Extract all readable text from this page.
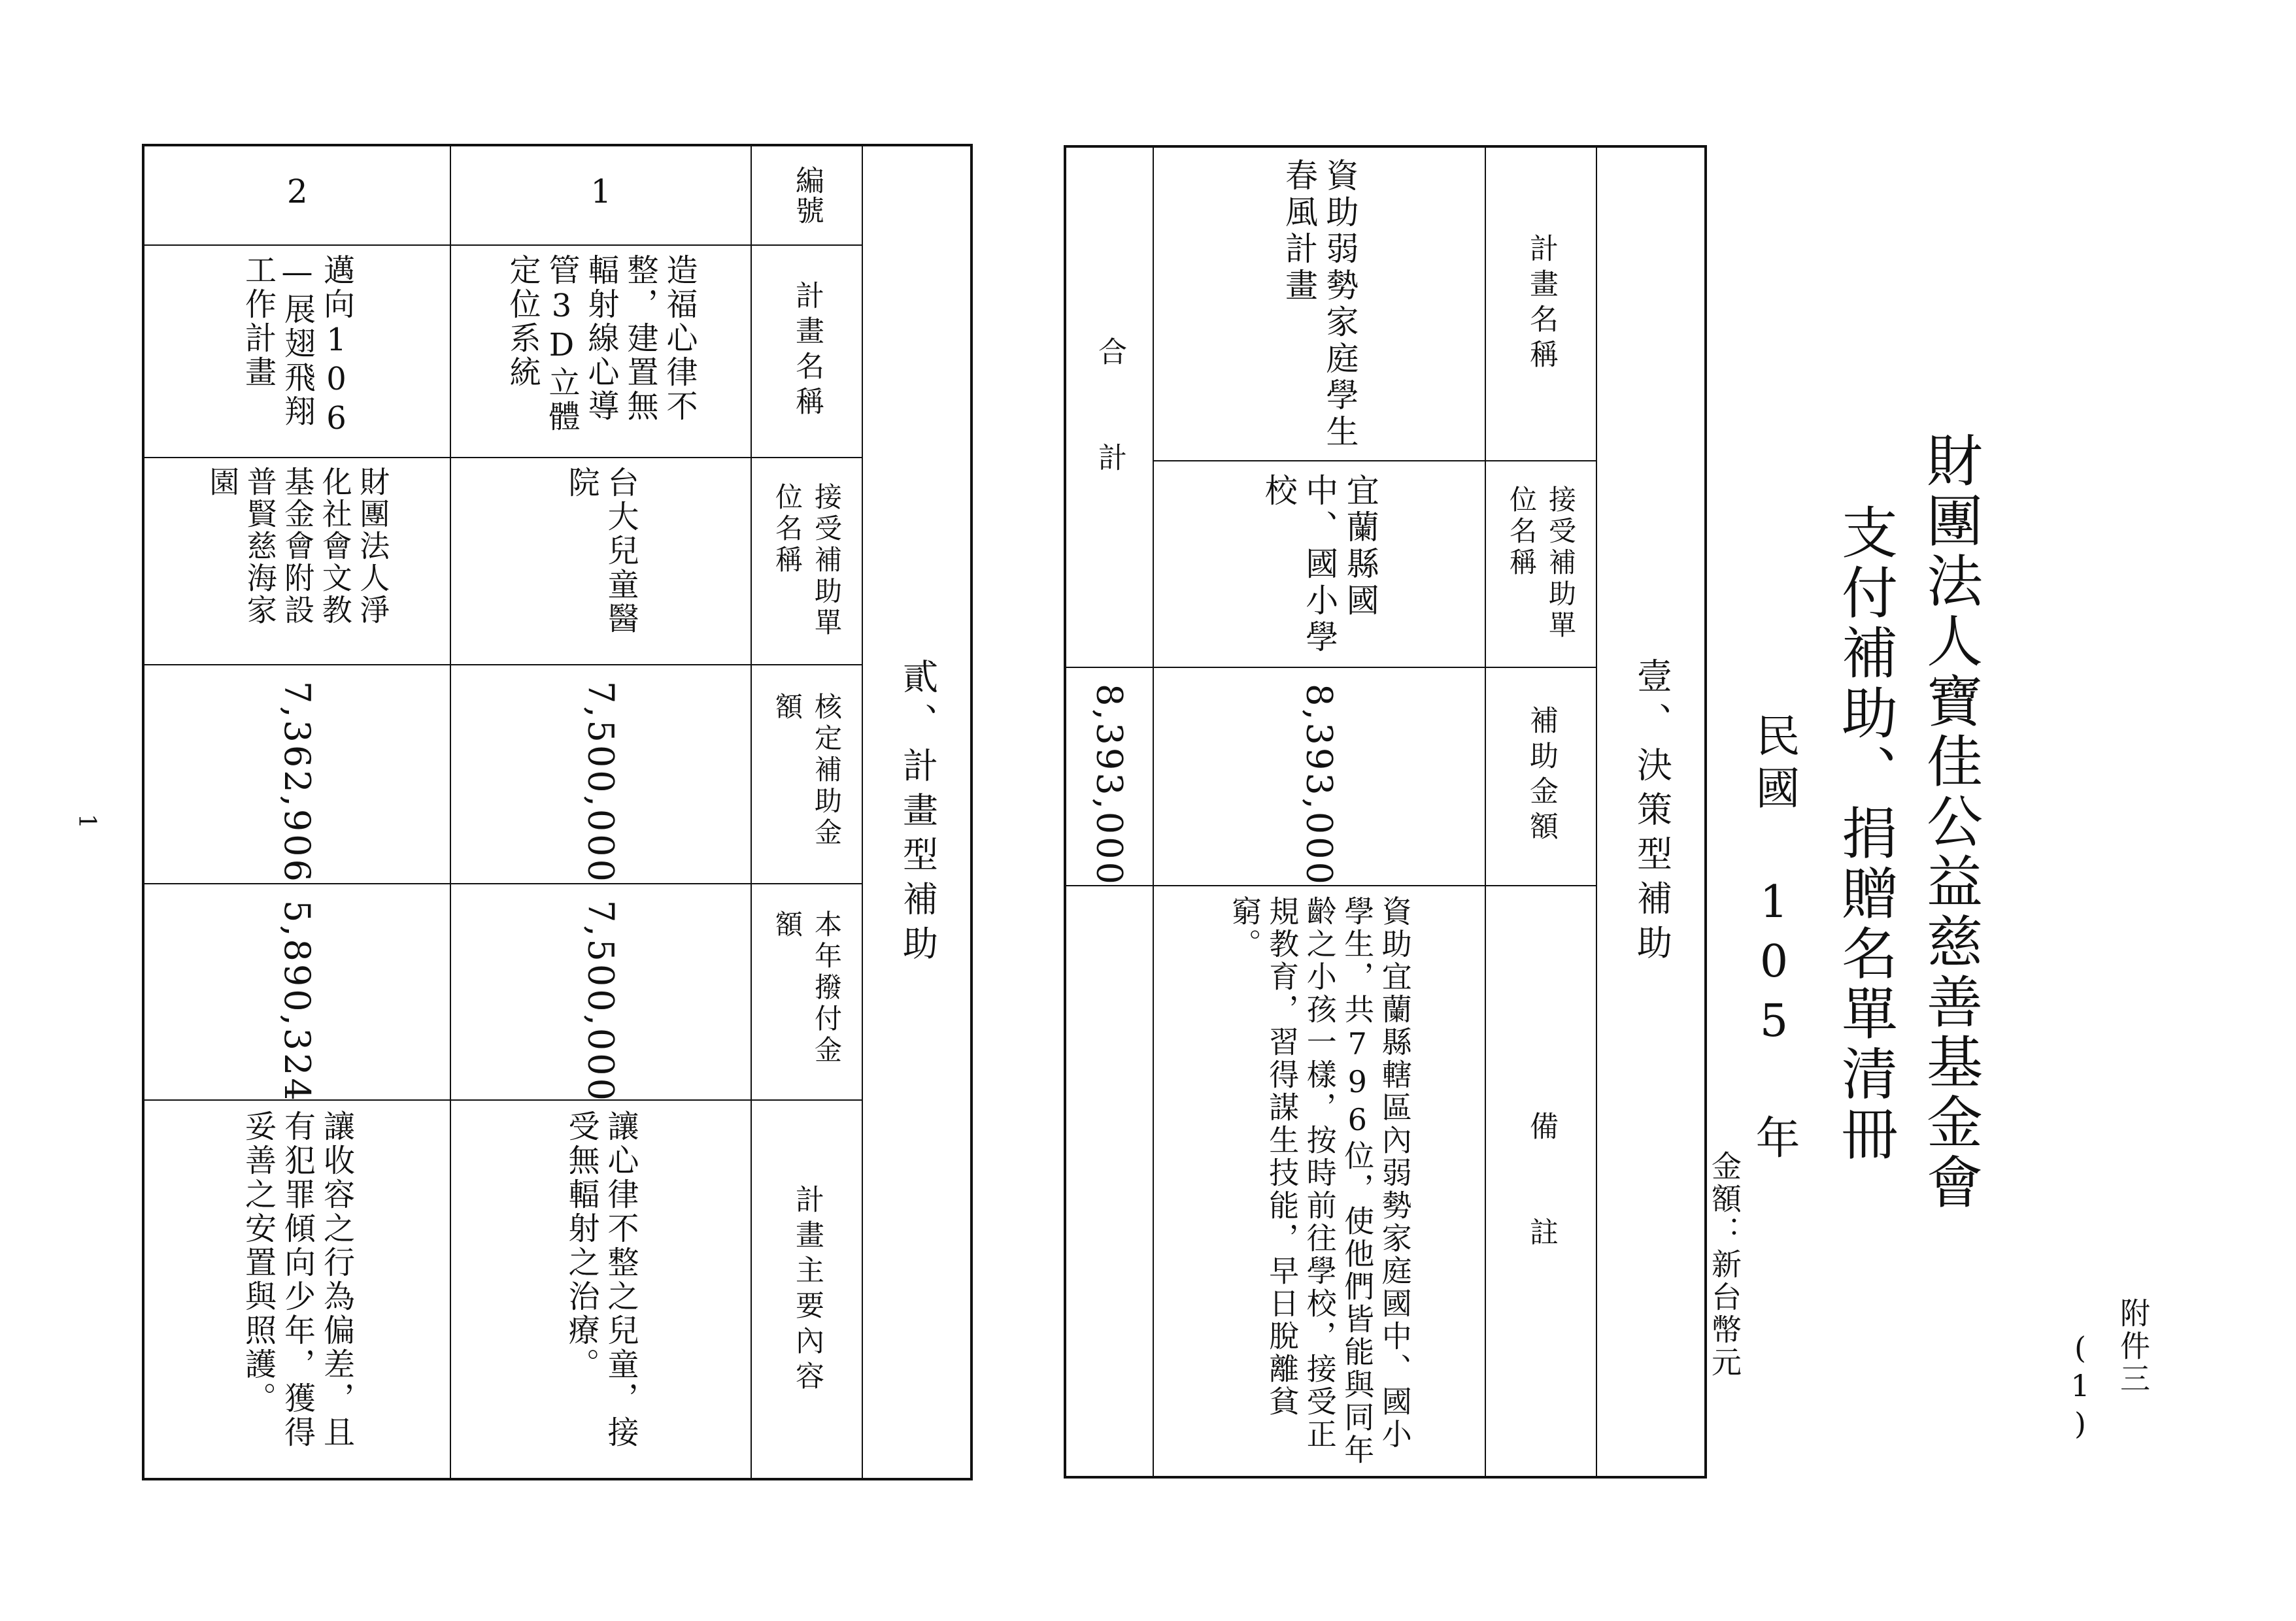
附件三
(1)
財團法人寶佳公益慈善基金會
支付補助、捐贈名單清冊
民國 105 年
金額：新台幣元
壹、決策型補助
計畫名稱
接受補助單位名稱
補助金額
備　　註
資助弱勢家庭學生春風計畫
宜蘭縣國中、國小學校
8,393,000
資助宜蘭縣轄區內弱勢家庭國中、國小學生，共796位，使他們皆能與同年齡之小孩一樣，按時前往學校，接受正規教育，習得謀生技能，早日脫離貧窮。
合　　計
8,393,000
貳、計畫型補助
編號
計畫名稱
接受補助單位名稱
核定補助金　額
本年撥付金　額
計畫主要內容
1
造福心律不整，建置無輻射線心導管3D立體定位系統
台大兒童醫院
7,500,000
7,500,000
讓心律不整之兒童，接受無輻射之治療。
2
邁向106—展翅飛翔工作計畫
財團法人淨化社會文教基金會附設普賢慈海家園
7,362,906
5,890,324
讓收容之行為偏差，且有犯罪傾向少年，獲得妥善之安置與照護。
1
